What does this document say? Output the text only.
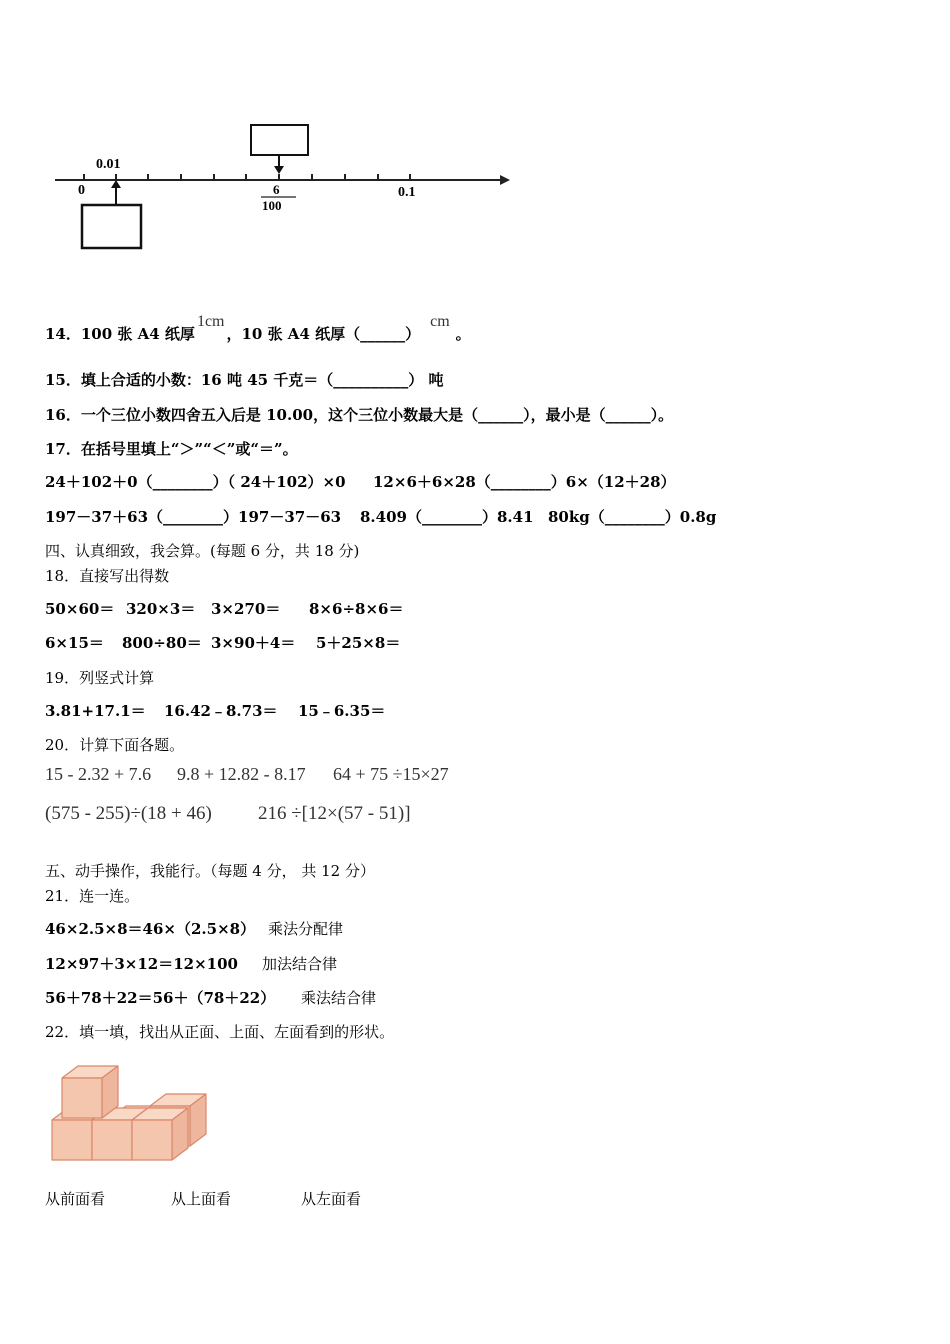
0
0.01
6
100
0.1
14．100 张 A4 纸厚1cm，10 张 A4 纸厚（______）cm。
15．填上合适的小数：16 吨 45 千克＝（__________） 吨
16．一个三位小数四舍五入后是 10.00，这个三位小数最大是（______），最小是（______）。
17．在括号里填上“＞”“＜”或“＝”。
24＋102＋0（________）（ 24＋102）×0 12×6＋6×28（________）6×（12＋28）
197－37＋63（________）197－37－63 8.409（________）8.41 80kg（________）0.8g
四、认真细致，我会算。(每题 6 分，共 18 分)
18．直接写出得数
50×60＝ 320×3＝ 3×270＝ 8×6÷8×6＝
6×15＝ 800÷80＝ 3×90＋4＝ 5＋25×8＝
19．列竖式计算
3.81+17.1＝ 16.42﹣8.73＝ 15﹣6.35＝
20．计算下面各题。
15 - 2.32 + 7.6 9.8 + 12.82 - 8.17 64 + 75 ÷15×27
(575 - 255)÷(18 + 46) 216 ÷[12×(57 - 51)]
五、动手操作，我能行。（每题 4 分， 共 12 分）
21．连一连。
46×2.5×8＝46×（2.5×8）
12×97＋3×12＝12×100
56＋78＋22＝56＋（78＋22）
乘法分配律
加法结合律
乘法结合律
22．填一填，找出从正面、上面、左面看到的形状。
从前面看	从上面看	从左面看
